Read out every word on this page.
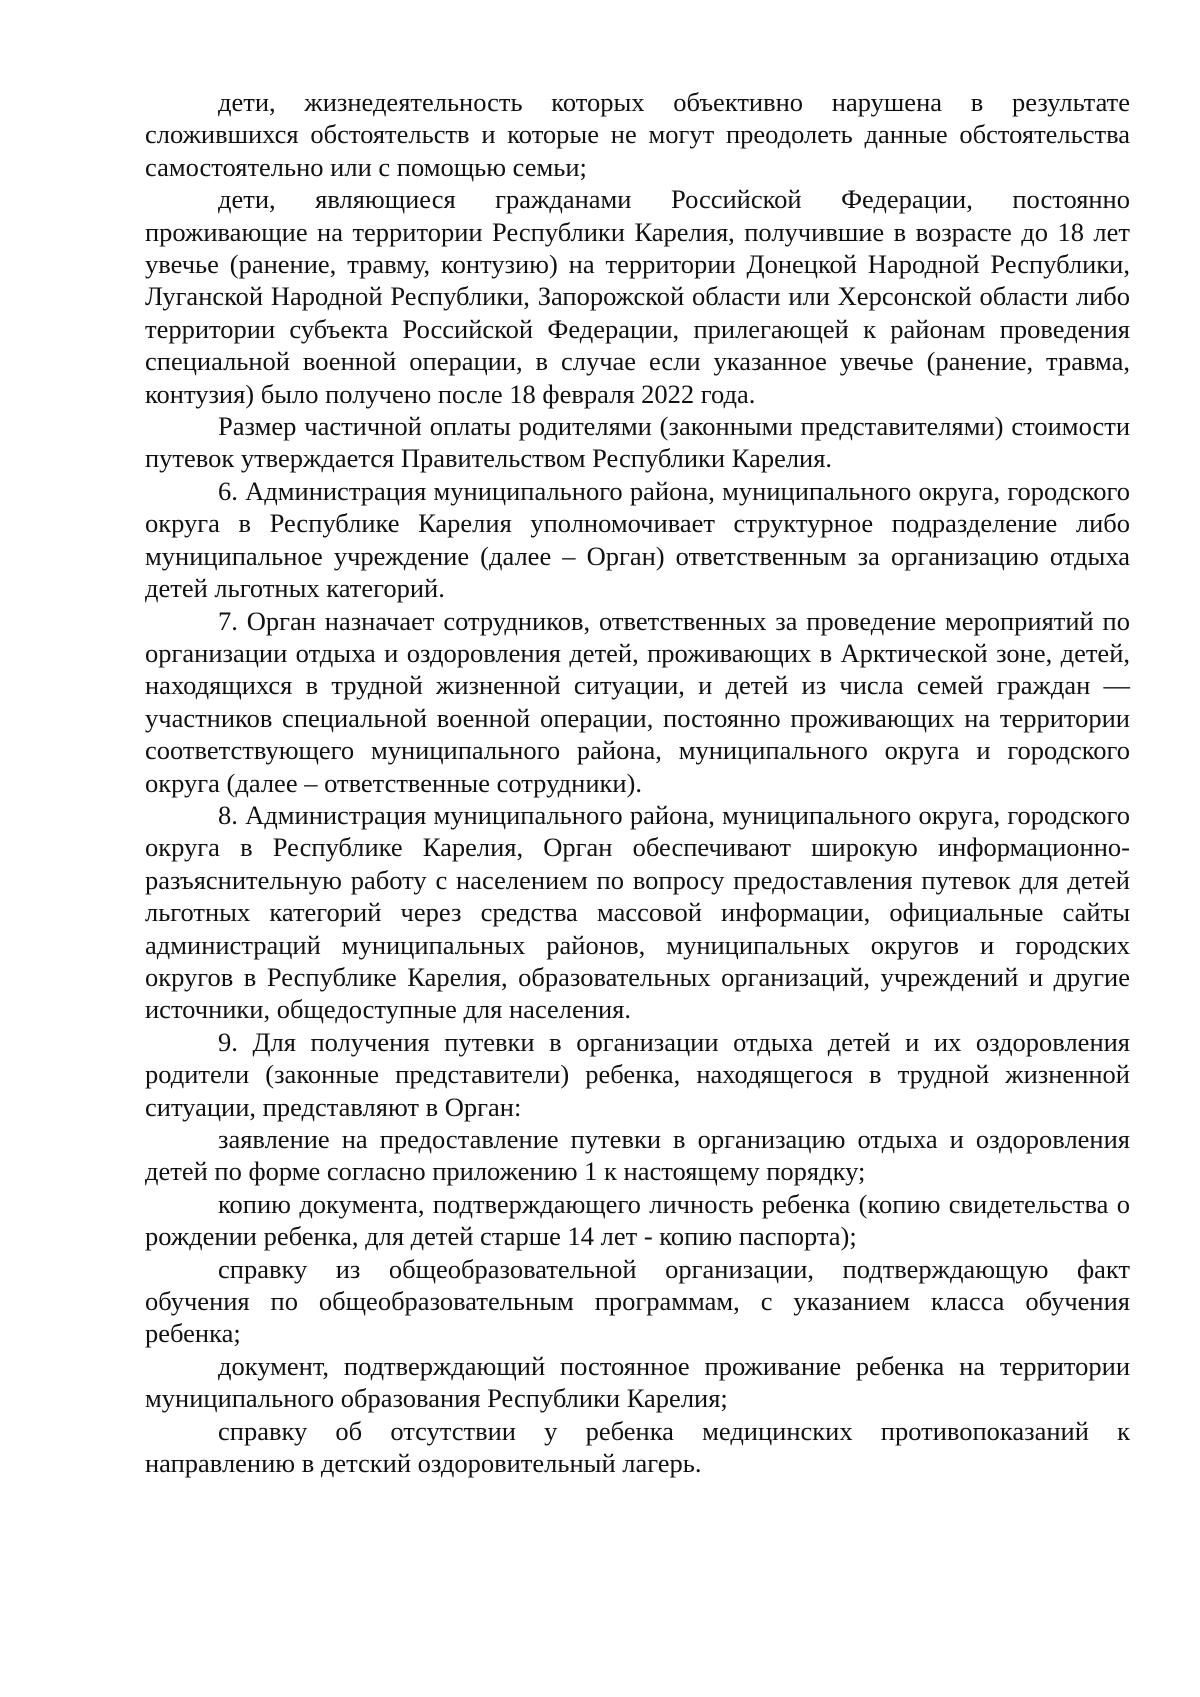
дети, жизнедеятельность которых объективно нарушена в результате сложившихся обстоятельств и которые не могут преодолеть данные обстоятельства самостоятельно или с помощью семьи;

дети, являющиеся гражданами Российской Федерации, постоянно проживающие на территории Республики Карелия, получившие в возрасте до 18 лет увечье (ранение, травму, контузию) на территории Донецкой Народной Республики, Луганской Народной Республики, Запорожской области или Херсонской области либо территории субъекта Российской Федерации, прилегающей к районам проведения специальной военной операции, в случае если указанное увечье (ранение, травма, контузия) было получено после 18 февраля 2022 года.

Размер частичной оплаты родителями (законными представителями) стоимости путевок утверждается Правительством Республики Карелия.

6. Администрация муниципального района, муниципального округа, городского округа в Республике Карелия уполномочивает структурное подразделение либо муниципальное учреждение (далее – Орган) ответственным за организацию отдыха детей льготных категорий.

7. Орган назначает сотрудников, ответственных за проведение мероприятий по организации отдыха и оздоровления детей, проживающих в Арктической зоне, детей, находящихся в трудной жизненной ситуации, и детей из числа семей граждан — участников специальной военной операции, постоянно проживающих на территории соответствующего муниципального района, муниципального округа и городского округа (далее – ответственные сотрудники).

8. Администрация муниципального района, муниципального округа, городского округа в Республике Карелия, Орган обеспечивают широкую информационно-разъяснительную работу с населением по вопросу предоставления путевок для детей льготных категорий через средства массовой информации, официальные сайты администраций муниципальных районов, муниципальных округов и городских округов в Республике Карелия, образовательных организаций, учреждений и другие источники, общедоступные для населения.

9. Для получения путевки в организации отдыха детей и их оздоровления родители (законные представители) ребенка, находящегося в трудной жизненной ситуации, представляют в Орган:

заявление на предоставление путевки в организацию отдыха и оздоровления детей по форме согласно приложению 1 к настоящему порядку;

копию документа, подтверждающего личность ребенка (копию свидетельства о рождении ребенка, для детей старше 14 лет - копию паспорта);

справку из общеобразовательной организации, подтверждающую факт обучения по общеобразовательным программам, с указанием класса обучения ребенка;

документ, подтверждающий постоянное проживание ребенка на территории муниципального образования Республики Карелия;

справку об отсутствии у ребенка медицинских противопоказаний к направлению в детский оздоровительный лагерь.
